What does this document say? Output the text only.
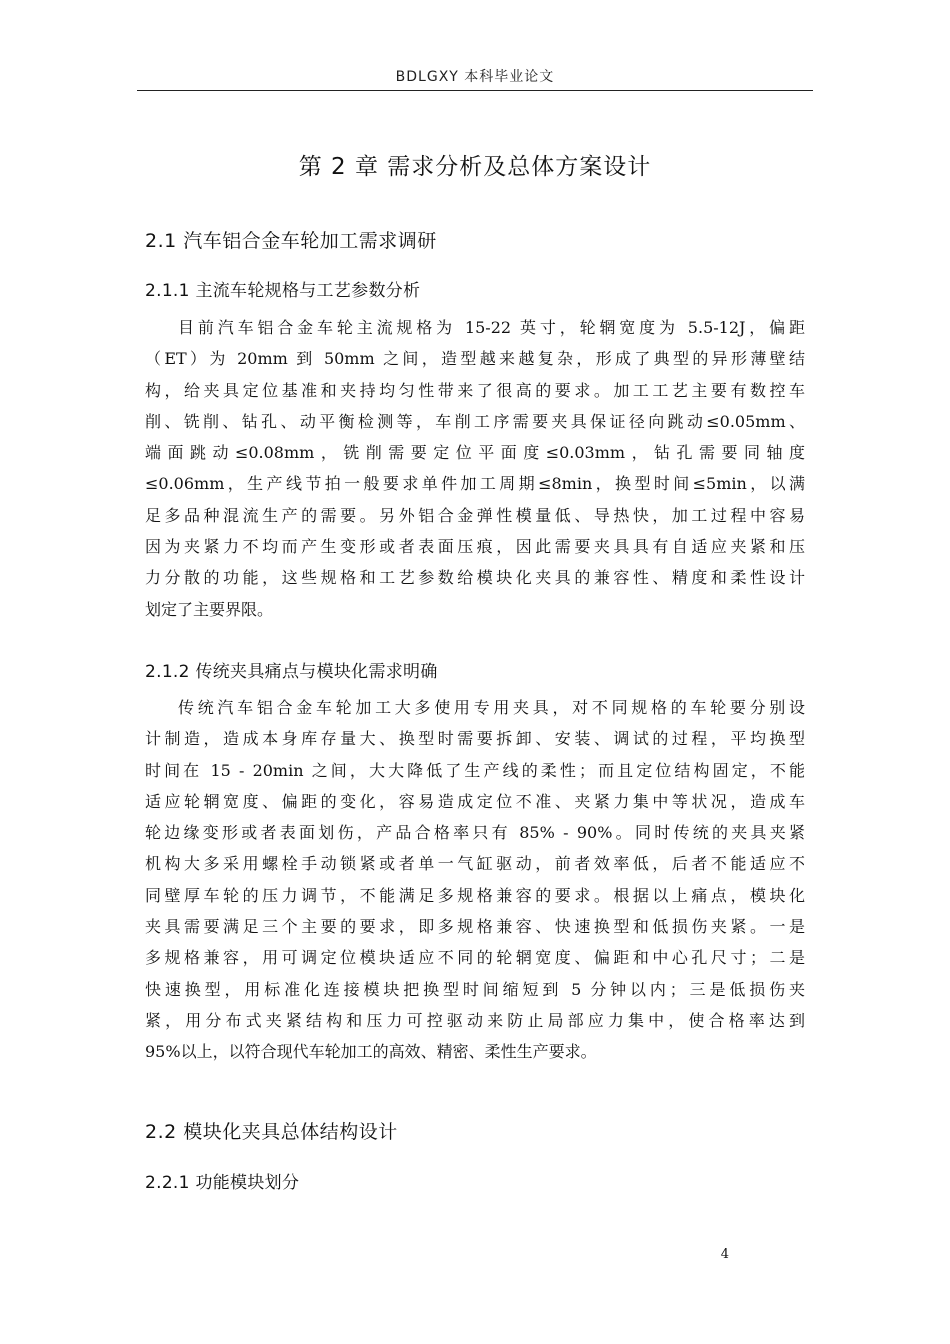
BDLGXY 本科毕业论文
第 2 章 需求分析及总体方案设计
2.1 汽车铝合金车轮加工需求调研
2.1.1 主流车轮规格与工艺参数分析
目前汽车铝合金车轮主流规格为 15-22 英寸，轮辋宽度为 5.5-12J，偏距
（ET）为 20mm 到 50mm 之间，造型越来越复杂，形成了典型的异形薄壁结
构，给夹具定位基准和夹持均匀性带来了很高的要求。加工工艺主要有数控车
削、铣削、钻孔、动平衡检测等，车削工序需要夹具保证径向跳动≤0.05mm、
端面跳动≤0.08mm，铣削需要定位平面度≤0.03mm，钻孔需要同轴度
≤0.06mm，生产线节拍一般要求单件加工周期≤8min，换型时间≤5min，以满
足多品种混流生产的需要。另外铝合金弹性模量低、导热快，加工过程中容易
因为夹紧力不均而产生变形或者表面压痕，因此需要夹具具有自适应夹紧和压
力分散的功能，这些规格和工艺参数给模块化夹具的兼容性、精度和柔性设计
划定了主要界限。
2.1.2 传统夹具痛点与模块化需求明确
传统汽车铝合金车轮加工大多使用专用夹具，对不同规格的车轮要分别设
计制造，造成本身库存量大、换型时需要拆卸、安装、调试的过程，平均换型
时间在 15 - 20min 之间，大大降低了生产线的柔性；而且定位结构固定，不能
适应轮辋宽度、偏距的变化，容易造成定位不准、夹紧力集中等状况，造成车
轮边缘变形或者表面划伤，产品合格率只有 85% - 90%。同时传统的夹具夹紧
机构大多采用螺栓手动锁紧或者单一气缸驱动，前者效率低，后者不能适应不
同壁厚车轮的压力调节，不能满足多规格兼容的要求。根据以上痛点，模块化
夹具需要满足三个主要的要求，即多规格兼容、快速换型和低损伤夹紧。一是
多规格兼容，用可调定位模块适应不同的轮辋宽度、偏距和中心孔尺寸；二是
快速换型，用标准化连接模块把换型时间缩短到 5 分钟以内；三是低损伤夹
紧，用分布式夹紧结构和压力可控驱动来防止局部应力集中，使合格率达到
95%以上，以符合现代车轮加工的高效、精密、柔性生产要求。
2.2 模块化夹具总体结构设计
2.2.1 功能模块划分
4
